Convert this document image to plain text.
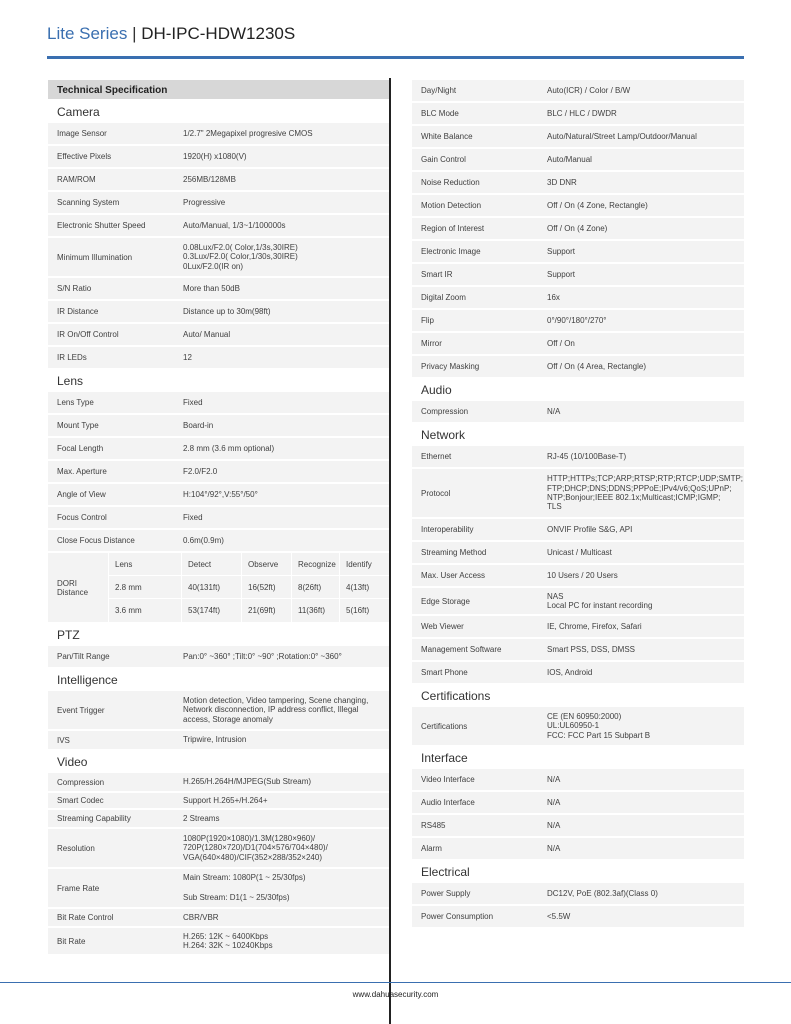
Lite Series | DH-IPC-HDW1230S
Technical Specification
Camera
Image Sensor	1/2.7" 2Megapixel progresive CMOS
Effective Pixels	1920(H) x1080(V)
RAM/ROM	256MB/128MB
Scanning System	Progressive
Electronic Shutter Speed	Auto/Manual, 1/3~1/100000s
Minimum Illumination
0.08Lux/F2.0( Color,1/3s,30IRE)
0.3Lux/F2.0( Color,1/30s,30IRE)
0Lux/F2.0(IR on)
S/N Ratio	More than 50dB
IR Distance	Distance up to 30m(98ft)
IR On/Off Control	Auto/ Manual
IR LEDs	12
Lens
Lens Type	Fixed
Mount Type	Board-in
Focal Length	2.8 mm (3.6 mm optional)
Max. Aperture	F2.0/F2.0
Angle of View	H:104°/92°,V:55°/50°
Focus Control	Fixed
Close Focus Distance	0.6m(0.9m)
DORI Distance
Lens	Detect	Observe	Recognize	Identify
2.8 mm	40(131ft)	16(52ft)	8(26ft)	4(13ft)
3.6 mm	53(174ft)	21(69ft)	11(36ft)	5(16ft)
PTZ
Pan/Tilt Range	Pan:0° ~360° ;Tilt:0° ~90° ;Rotation:0° ~360°
Intelligence
Event Trigger
Motion detection, Video tampering, Scene changing,
Network disconnection, IP address conflict, Illegal
access, Storage anomaly
IVS	Tripwire, Intrusion
Video
Compression	H.265/H.264H/MJPEG(Sub Stream)
Smart Codec	Support H.265+/H.264+
Streaming Capability	2 Streams
Resolution
1080P(1920×1080)/1.3M(1280×960)/
720P(1280×720)/D1(704×576/704×480)/
VGA(640×480)/CIF(352×288/352×240)
Frame Rate
Main Stream: 1080P(1 ~ 25/30fps)
Sub Stream: D1(1 ~ 25/30fps)
Bit Rate Control	CBR/VBR
Bit Rate
H.265: 12K ~ 6400Kbps
H.264: 32K ~ 10240Kbps
Day/Night	Auto(ICR) / Color / B/W
BLC Mode	BLC / HLC / DWDR
White Balance	Auto/Natural/Street Lamp/Outdoor/Manual
Gain Control	Auto/Manual
Noise Reduction	3D DNR
Motion Detection	Off / On (4 Zone, Rectangle)
Region of Interest	Off / On (4 Zone)
Electronic Image	Support
Smart IR	Support
Digital Zoom	16x
Flip	0°/90°/180°/270°
Mirror	Off / On
Privacy Masking	Off / On (4 Area, Rectangle)
Audio
Compression	N/A
Network
Ethernet	RJ-45 (10/100Base-T)
Protocol
HTTP;HTTPs;TCP;ARP;RTSP;RTP;RTCP;UDP;SMTP;
FTP;DHCP;DNS;DDNS;PPPoE;IPv4/v6;QoS;UPnP;
NTP;Bonjour;IEEE 802.1x;Multicast;ICMP;IGMP;
TLS
Interoperability	ONVIF Profile S&G, API
Streaming Method	Unicast / Multicast
Max. User Access	10 Users / 20 Users
Edge Storage
NAS
Local PC for instant recording
Web Viewer	IE, Chrome, Firefox, Safari
Management Software	Smart PSS, DSS, DMSS
Smart Phone	IOS, Android
Certifications
Certifications
CE (EN 60950:2000)
UL:UL60950-1
FCC: FCC Part 15 Subpart B
Interface
Video Interface	N/A
Audio Interface	N/A
RS485	N/A
Alarm	N/A
Electrical
Power Supply	DC12V, PoE (802.3af)(Class 0)
Power Consumption	<5.5W
www.dahuasecurity.com
